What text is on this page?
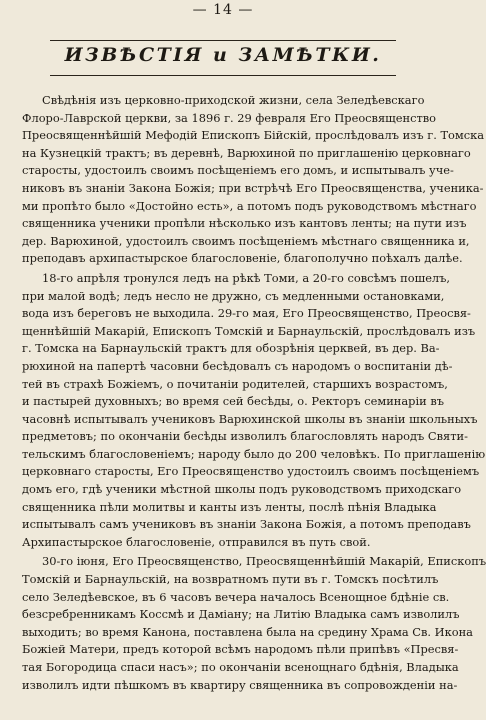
— 14 —
ИЗВѢСТІЯ и ЗАМѢТКИ.
Свѣдѣнія изъ церковно-приходской жизни, села Зеледѣевскаго
Флоро-Лаврской церкви, за 1896 г. 29 февраля Его Преосвященство
Преосвященнѣйшій Мефодій Епископъ Бійскій, прослѣдовалъ изъ г. Томска
на Кузнецкій трактъ; въ деревнѣ, Варюхиной по приглашенію церковнаго
старосты, удостоилъ своимъ посѣщеніемъ его домъ, и испытывалъ уче-
никовъ въ знаніи Закона Божія; при встрѣчѣ Его Преосвященства, ученика-
ми пропѣто было «Достойно есть», а потомъ подъ руководствомъ мѣстнаго
священника ученики пропѣли нѣсколько изъ кантовъ ленты; на пути изъ
дер. Варюхиной, удостоилъ своимъ посѣщеніемъ мѣстнаго священника и,
преподавъ архипастырское благословеніе, благополучно поѣхалъ далѣе.
18-го апрѣля тронулся ледъ на рѣкѣ Томи, а 20-го совсѣмъ пошелъ,
при малой водѣ; ледъ несло не дружно, съ медленными остановками,
вода изъ береговъ не выходила. 29-го мая, Его Преосвященство, Преосвя-
щеннѣйшій Макарій, Епископъ Томскій и Барнаульскій, прослѣдовалъ изъ
г. Томска на Барнаульскій трактъ для обозрѣнія церквей, въ дер. Ва-
рюхиной на папертѣ часовни бесѣдовалъ съ народомъ о воспитаніи дѣ-
тей въ страхѣ Божіемъ, о почитаніи родителей, старшихъ возрастомъ,
и пастырей духовныхъ; во время сей бесѣды, о. Ректоръ семинаріи въ
часовнѣ испытывалъ учениковъ Варюхинской школы въ знаніи школьныхъ
предметовъ; по окончаніи бесѣды изволилъ благословлять народъ Святи-
тельскимъ благословеніемъ; народу было до 200 человѣкъ. По приглашенію
церковнаго старосты, Его Преосвященство удостоилъ своимъ посѣщеніемъ
домъ его, гдѣ ученики мѣстной школы подъ руководствомъ приходскаго
священника пѣли молитвы и канты изъ ленты, послѣ пѣнія Владыка
испытывалъ самъ учениковъ въ знаніи Закона Божія, а потомъ преподавъ
Архипастырское благословеніе, отправился въ путь свой.
30-го іюня, Его Преосвященство, Преосвященнѣйшій Макарій, Епископъ
Томскій и Барнаульскій, на возвратномъ пути въ г. Томскъ посѣтилъ
село Зеледѣевское, въ 6 часовъ вечера началось Всенощное бдѣніе св.
безсребренникамъ Коссмѣ и Даміану; на Литію Владыка самъ изволилъ
выходить; во время Канона, поставлена была на средину Храма Св. Икона
Божіей Матери, предъ которой всѣмъ народомъ пѣли припѣвъ «Пресвя-
тая Богородица спаси насъ»; по окончаніи всенощнаго бдѣнія, Владыка
изволилъ идти пѣшкомъ въ квартиру священника въ сопровожденіи на-
